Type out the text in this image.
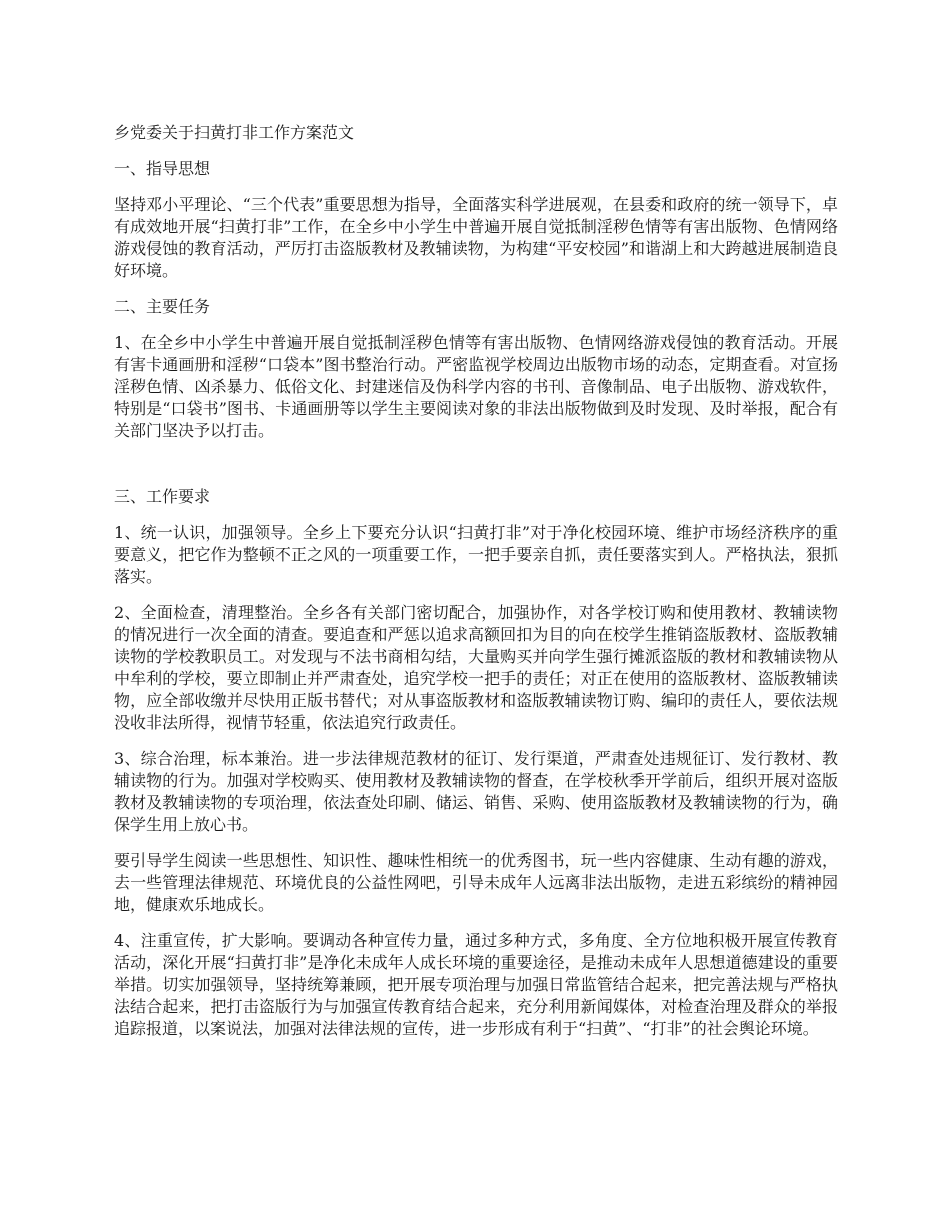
乡党委关于扫黄打非工作方案范文
一、指导思想

坚持邓小平理论、“三个代表”重要思想为指导，全面落实科学进展观，在县委和政府的统一领导下，卓有成效地开展“扫黄打非”工作，在全乡中小学生中普遍开展自觉抵制淫秽色情等有害出版物、色情网络游戏侵蚀的教育活动，严厉打击盗版教材及教辅读物，为构建“平安校园”和谐湖上和大跨越进展制造良好环境。

二、主要任务

1、在全乡中小学生中普遍开展自觉抵制淫秽色情等有害出版物、色情网络游戏侵蚀的教育活动。开展有害卡通画册和淫秽“口袋本”图书整治行动。严密监视学校周边出版物市场的动态，定期查看。对宣扬淫秽色情、凶杀暴力、低俗文化、封建迷信及伪科学内容的书刊、音像制品、电子出版物、游戏软件，特别是“口袋书”图书、卡通画册等以学生主要阅读对象的非法出版物做到及时发现、及时举报，配合有关部门坚决予以打击。

三、工作要求

1、统一认识，加强领导。全乡上下要充分认识“扫黄打非”对于净化校园环境、维护市场经济秩序的重要意义，把它作为整顿不正之风的一项重要工作，一把手要亲自抓，责任要落实到人。严格执法，狠抓落实。

2、全面检查，清理整治。全乡各有关部门密切配合，加强协作，对各学校订购和使用教材、教辅读物的情况进行一次全面的清查。要追查和严惩以追求高额回扣为目的向在校学生推销盗版教材、盗版教辅读物的学校教职员工。对发现与不法书商相勾结，大量购买并向学生强行摊派盗版的教材和教辅读物从中牟利的学校，要立即制止并严肃查处，追究学校一把手的责任；对正在使用的盗版教材、盗版教辅读物，应全部收缴并尽快用正版书替代；对从事盗版教材和盗版教辅读物订购、编印的责任人，要依法规没收非法所得，视情节轻重，依法追究行政责任。

3、综合治理，标本兼治。进一步法律规范教材的征订、发行渠道，严肃查处违规征订、发行教材、教辅读物的行为。加强对学校购买、使用教材及教辅读物的督查，在学校秋季开学前后，组织开展对盗版教材及教辅读物的专项治理，依法查处印刷、储运、销售、采购、使用盗版教材及教辅读物的行为，确保学生用上放心书。

要引导学生阅读一些思想性、知识性、趣味性相统一的优秀图书，玩一些内容健康、生动有趣的游戏，去一些管理法律规范、环境优良的公益性网吧，引导未成年人远离非法出版物，走进五彩缤纷的精神园地，健康欢乐地成长。

4、注重宣传，扩大影响。要调动各种宣传力量，通过多种方式，多角度、全方位地积极开展宣传教育活动，深化开展“扫黄打非”是净化未成年人成长环境的重要途径，是推动未成年人思想道德建设的重要举措。切实加强领导，坚持统筹兼顾，把开展专项治理与加强日常监管结合起来，把完善法规与严格执法结合起来，把打击盗版行为与加强宣传教育结合起来，充分利用新闻媒体，对检查治理及群众的举报追踪报道，以案说法，加强对法律法规的宣传，进一步形成有利于“扫黄”、“打非”的社会舆论环境。
